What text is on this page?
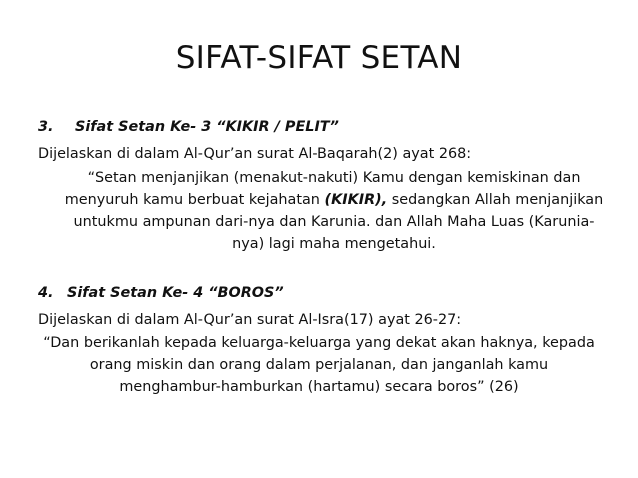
SIFAT-SIFAT SETAN
3. Sifat Setan Ke- 3 “KIKIR / PELIT”
Dijelaskan di dalam Al-Qur’an surat Al-Baqarah(2) ayat 268:
“Setan menjanjikan (menakut-nakuti) Kamu dengan kemiskinan dan
menyuruh kamu berbuat kejahatan (KIKIR), sedangkan Allah menjanjikan
untukmu ampunan dari-nya dan Karunia. dan Allah Maha Luas (Karunia-
nya) lagi maha mengetahui.
4. Sifat Setan Ke- 4 “BOROS”
Dijelaskan di dalam Al-Qur’an surat Al-Isra(17) ayat 26-27:
“Dan berikanlah kepada keluarga-keluarga yang dekat akan haknya, kepada
orang miskin dan orang dalam perjalanan, dan janganlah kamu
menghambur-hamburkan (hartamu) secara boros” (26)
